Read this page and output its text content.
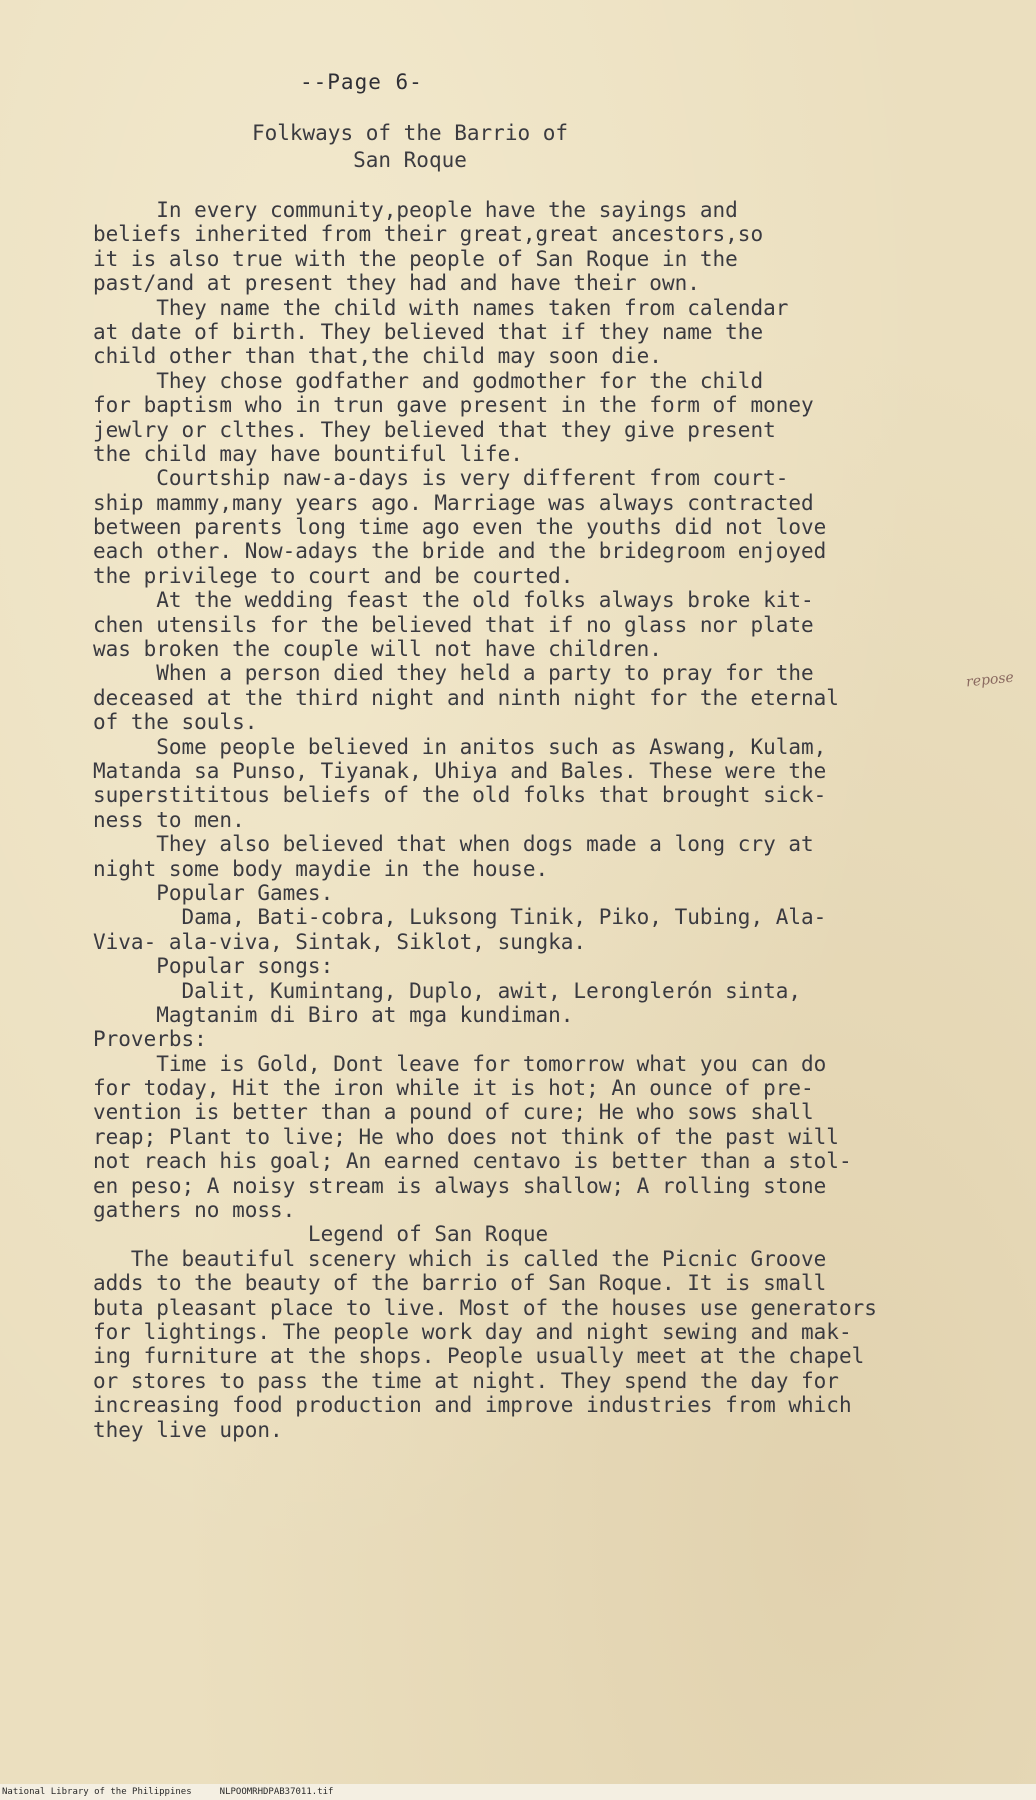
--Page 6-
Folkways of the Barrio of
San Roque
In every community,people have the sayings and
beliefs inherited from their great,great ancestors,so
it is also true with the people of San Roque in the
past/and at present they had and have their own.
They name the child with names taken from calendar
at date of birth. They believed that if they name the
child other than that,the child may soon die.
They chose godfather and godmother for the child
for baptism who in trun gave present in the form of money
jewlry or clthes. They believed that they give present
the child may have bountiful life.
Courtship naw-a-days is very different from court-
ship mammy,many years ago. Marriage was always contracted
between parents long time ago even the youths did not love
each other. Now-adays the bride and the bridegroom enjoyed
the privilege to court and be courted.
At the wedding feast the old folks always broke kit-
chen utensils for the believed that if no glass nor plate
was broken the couple will not have children.
When a person died they held a party to pray for the
deceased at the third night and ninth night for the eternal
of the souls.
Some people believed in anitos such as Aswang, Kulam,
Matanda sa Punso, Tiyanak, Uhiya and Bales. These were the
superstititous beliefs of the old folks that brought sick-
ness to men.
They also believed that when dogs made a long cry at
night some body maydie in the house.
Popular Games.
Dama, Bati-cobra, Luksong Tinik, Piko, Tubing, Ala-
Viva- ala-viva, Sintak, Siklot, sungka.
Popular songs:
Dalit, Kumintang, Duplo, awit, Leronglerón sinta,
Magtanim di Biro at mga kundiman.
Proverbs:
Time is Gold, Dont leave for tomorrow what you can do
for today, Hit the iron while it is hot; An ounce of pre-
vention is better than a pound of cure; He who sows shall
reap; Plant to live; He who does not think of the past will
not reach his goal; An earned centavo is better than a stol-
en peso; A noisy stream is always shallow; A rolling stone
gathers no moss.
Legend of San Roque
The beautiful scenery which is called the Picnic Groove
adds to the beauty of the barrio of San Roque. It is small
buta pleasant place to live. Most of the houses use generators
for lightings. The people work day and night sewing and mak-
ing furniture at the shops. People usually meet at the chapel
or stores to pass the time at night. They spend the day for
increasing food production and improve industries from which
they live upon.
repose
National Library of the Philippines	NLPOOMRHDPAB37011.tif
